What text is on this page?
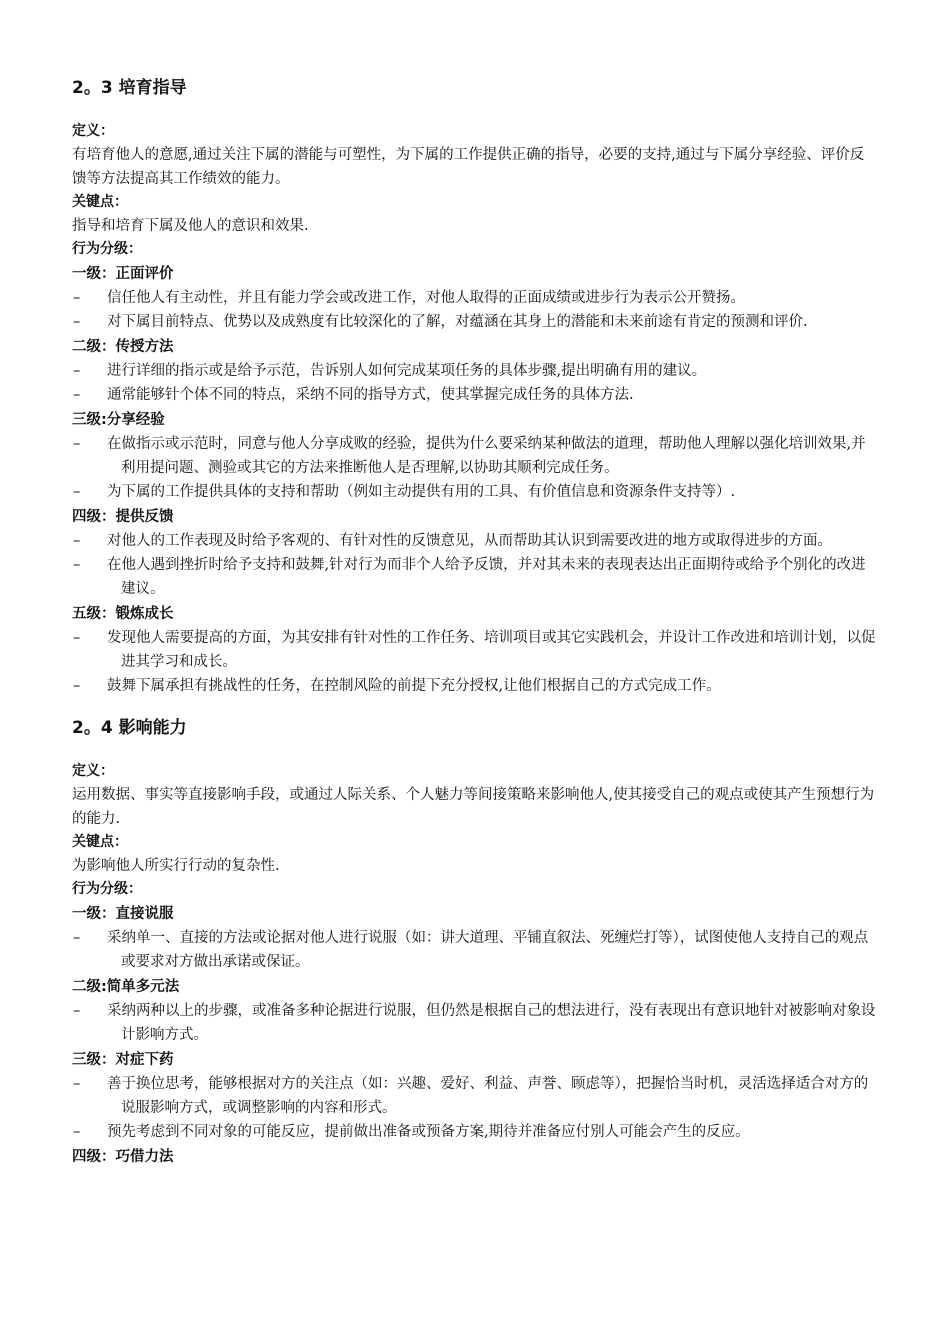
2。3 培育指导
定义：
有培育他人的意愿,通过关注下属的潜能与可塑性，为下属的工作提供正确的指导，必要的支持,通过与下属分享经验、评价反馈等方法提高其工作绩效的能力。
关键点：
指导和培育下属及他人的意识和效果.
行为分级：
一级：正面评价
– 信任他人有主动性，并且有能力学会或改进工作，对他人取得的正面成绩或进步行为表示公开赞扬。
– 对下属目前特点、优势以及成熟度有比较深化的了解，对蕴涵在其身上的潜能和未来前途有肯定的预测和评价.
二级：传授方法
– 进行详细的指示或是给予示范，告诉别人如何完成某项任务的具体步骤,提出明确有用的建议。
– 通常能够针个体不同的特点，采纳不同的指导方式，使其掌握完成任务的具体方法.
三级:分享经验
– 在做指示或示范时，同意与他人分享成败的经验，提供为什么要采纳某种做法的道理，帮助他人理解以强化培训效果,并利用提问题、测验或其它的方法来推断他人是否理解,以协助其顺利完成任务。
– 为下属的工作提供具体的支持和帮助（例如主动提供有用的工具、有价值信息和资源条件支持等）.
四级：提供反馈
– 对他人的工作表现及时给予客观的、有针对性的反馈意见，从而帮助其认识到需要改进的地方或取得进步的方面。
– 在他人遇到挫折时给予支持和鼓舞,针对行为而非个人给予反馈，并对其未来的表现表达出正面期待或给予个别化的改进建议。
五级：锻炼成长
– 发现他人需要提高的方面，为其安排有针对性的工作任务、培训项目或其它实践机会，并设计工作改进和培训计划，以促进其学习和成长。
– 鼓舞下属承担有挑战性的任务，在控制风险的前提下充分授权,让他们根据自己的方式完成工作。
2。4 影响能力
定义：
运用数据、事实等直接影响手段，或通过人际关系、个人魅力等间接策略来影响他人,使其接受自己的观点或使其产生预想行为的能力.
关键点：
为影响他人所实行行动的复杂性.
行为分级：
一级：直接说服
– 采纳单一、直接的方法或论据对他人进行说服（如：讲大道理、平铺直叙法、死缠烂打等），试图使他人支持自己的观点或要求对方做出承诺或保证。
二级:简单多元法
– 采纳两种以上的步骤，或准备多种论据进行说服，但仍然是根据自己的想法进行，没有表现出有意识地针对被影响对象设计影响方式。
三级：对症下药
– 善于换位思考，能够根据对方的关注点（如：兴趣、爱好、利益、声誉、顾虑等），把握恰当时机，灵活选择适合对方的说服影响方式，或调整影响的内容和形式。
– 预先考虑到不同对象的可能反应，提前做出准备或预备方案,期待并准备应付别人可能会产生的反应。
四级：巧借力法
